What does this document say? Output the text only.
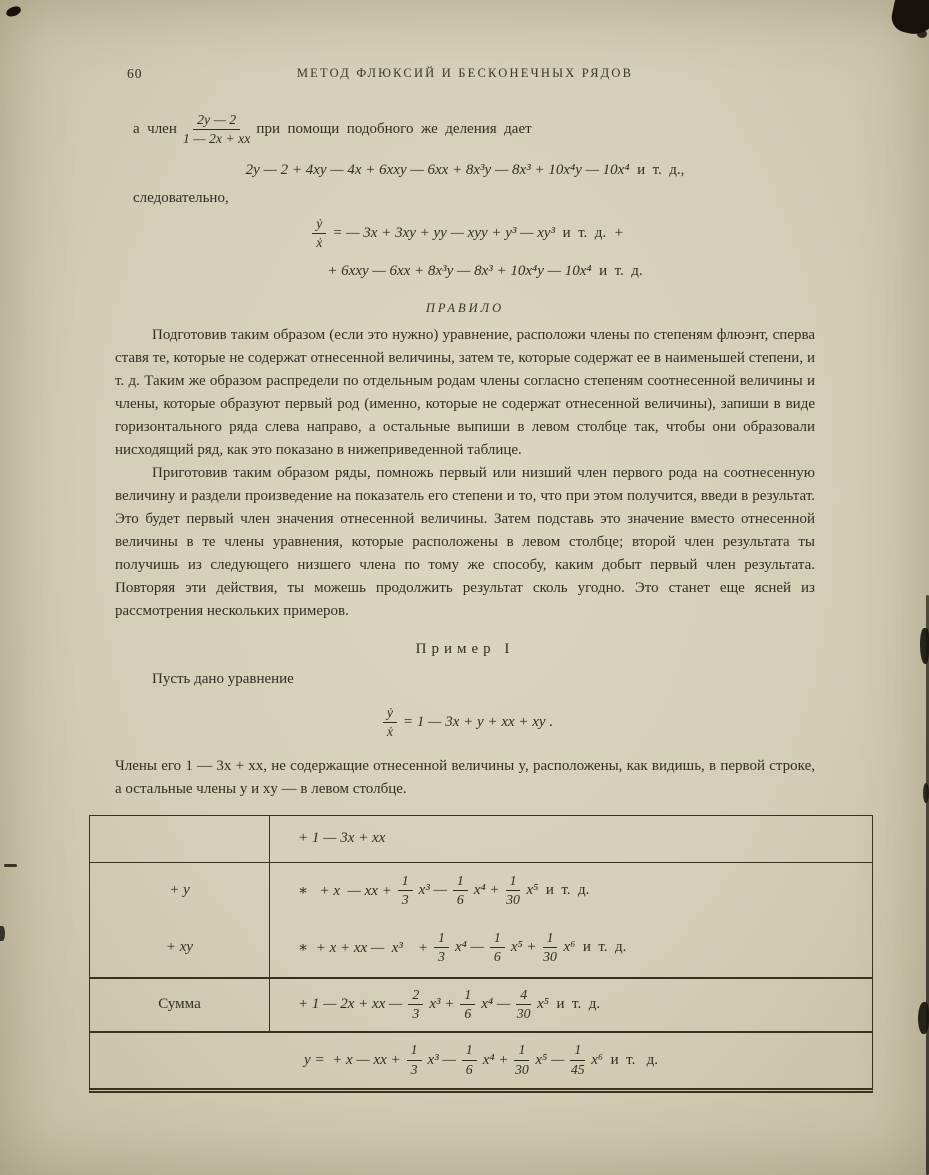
60	МЕТОД ФЛЮКСИЙ И БЕСКОНЕЧНЫХ РЯДОВ
а  член $\frac{2y — 2}{1 — 2x + xx}$ при  помощи  подобного  же  деления  дает
2y — 2 + 4xy — 4x + 6xxy — 6xx + 8x³y — 8x³ + 10x⁴y — 10x⁴ и  т.  д.,
следовательно,
$\frac{\text{ẏ}}{\text{ẋ}}$ = — 3x + 3xy + yy — xyy + y³ — xy³ и  т.  д. +
+ 6xxy — 6xx + 8x³y — 8x³ + 10x⁴y — 10x⁴ и  т.  д.
ПРАВИЛО

Подготовив таким образом (если это нужно) уравнение, расположи члены по степеням флюэнт, сперва ставя те, которые не содержат отнесенной величины, затем те, которые содержат ее в наименьшей степени, и т. д. Таким же образом распредели по отдельным родам члены согласно степеням соотнесенной величины и члены, которые образуют первый род (именно, которые не содержат отнесенной величины), запиши в виде горизонтального ряда слева направо, а остальные выпиши в левом столбце так, чтобы они образовали нисходящий ряд, как это показано в нижеприведенной таблице.

Приготовив таким образом ряды, помножь первый или низший член первого рода на соотнесенную величину и раздели произведение на показатель его степени и то, что при этом получится, введи в результат. Это будет первый член значения отнесенной величины. Затем подставь это значение вместо отнесенной величины в те члены уравнения, которые расположены в левом столбце; второй член результата ты получишь из следующего низшего члена по тому же способу, каким добыт первый член результата. Повторяя эти действия, ты можешь продолжить результат сколь угодно. Это станет еще ясней из рассмотрения нескольких примеров.

Пример I

Пусть дано уравнение

$\frac{\text{ẏ}}{\text{ẋ}} = 1$ — 3x + y + xx + xy .

Члены его 1 — 3x + xx, не содержащие отнесенной величины y, расположены, как видишь, в первой строке, а остальные члены y и xy — в левом столбце.

+ 1 — 3x + xx
+ y	∗   + x  — xx + $\frac{1}{3} x^3$ — $\frac{1}{6} x^4 + \frac{1}{30} x^5$ и  т.  д.
+ xy	∗  + x + xx —  x³    + $\frac{1}{3} x^4$ — $\frac{1}{6} x^5 + \frac{1}{30} x^6$ и  т.  д.
Сумма	+ 1 — 2x + xx — $\frac{2}{3} x^3 + \frac{1}{6} x^4$ — $\frac{4}{30} x^5$ и  т.  д.
y =  + x — xx + $\frac{1}{3} x^3$ — $\frac{1}{6} x^4 + \frac{1}{30} x^5$ — $\frac{1}{45} x^6$ и  т.   д.
